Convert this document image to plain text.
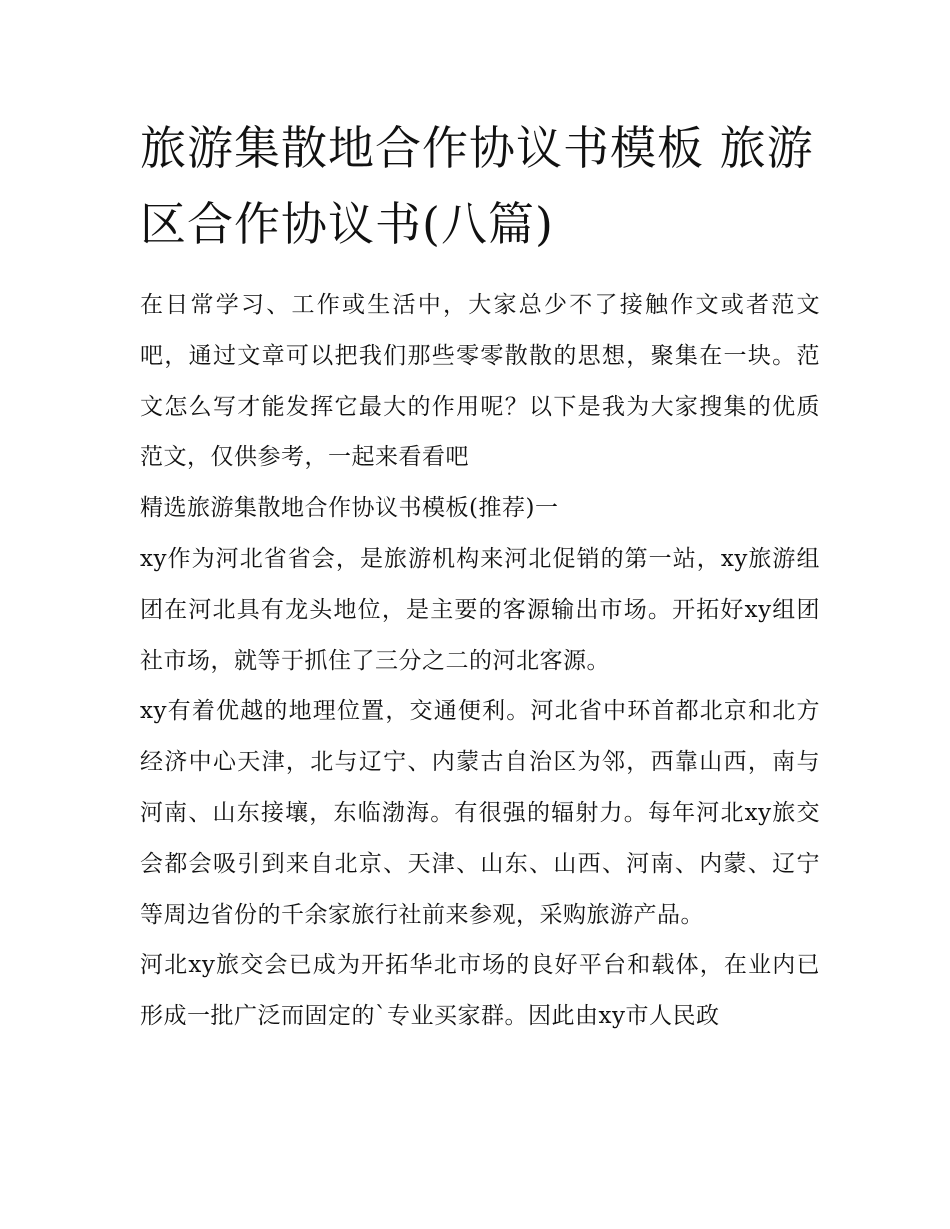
旅游集散地合作协议书模板 旅游区合作协议书(八篇)

在日常学习、工作或生活中，大家总少不了接触作文或者范文吧，通过文章可以把我们那些零零散散的思想，聚集在一块。范文怎么写才能发挥它最大的作用呢？以下是我为大家搜集的优质范文，仅供参考，一起来看看吧

精选旅游集散地合作协议书模板(推荐)一

xy作为河北省省会，是旅游机构来河北促销的第一站，xy旅游组团在河北具有龙头地位，是主要的客源输出市场。开拓好xy组团社市场，就等于抓住了三分之二的河北客源。

xy有着优越的地理位置，交通便利。河北省中环首都北京和北方经济中心天津，北与辽宁、内蒙古自治区为邻，西靠山西，南与河南、山东接壤，东临渤海。有很强的辐射力。每年河北xy旅交会都会吸引到来自北京、天津、山东、山西、河南、内蒙、辽宁等周边省份的千余家旅行社前来参观，采购旅游产品。

河北xy旅交会已成为开拓华北市场的良好平台和载体，在业内已形成一批广泛而固定的`专业买家群。因此由xy市人民政
